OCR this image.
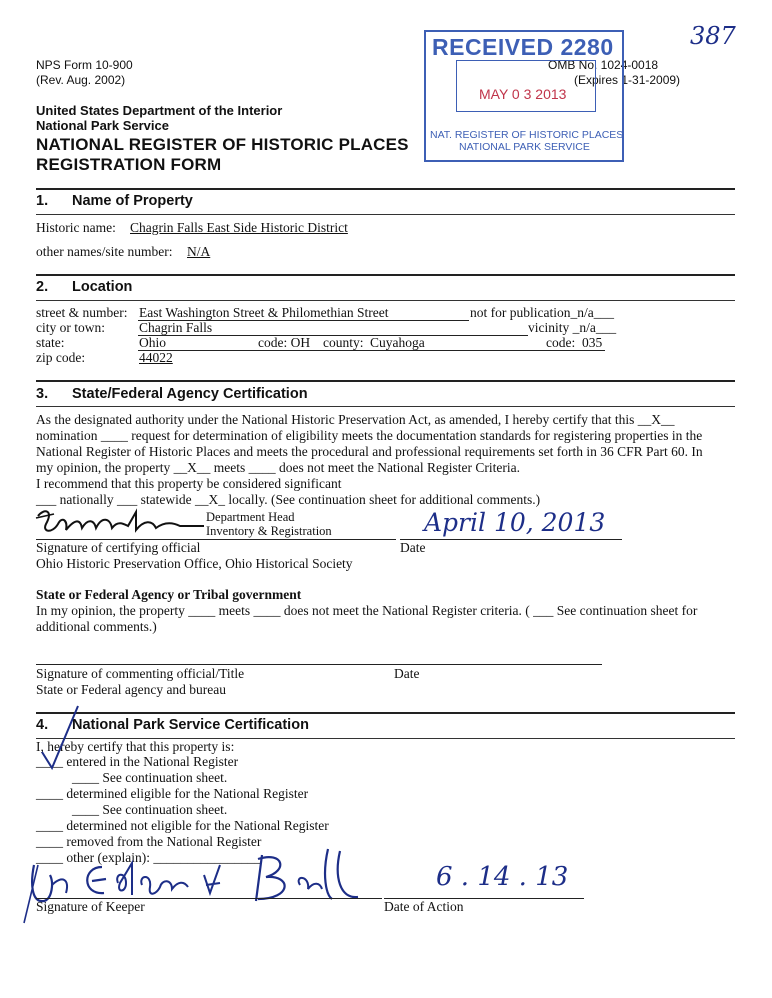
NPS Form 10-900
(Rev. Aug. 2002)
United States Department of the Interior
National Park Service
NATIONAL REGISTER OF HISTORIC PLACES
REGISTRATION FORM
OMB No. 1024-0018
(Expires 1-31-2009)
387
RECEIVED 2280
MAY 0 3 2013
NAT. REGISTER OF HISTORIC PLACES
NATIONAL PARK SERVICE
1. Name of Property
Historic name: Chagrin Falls East Side Historic District
other names/site number: N/A
2. Location
street & number: East Washington Street & Philomethian Street	not for publication_n/a___
city or town:	Chagrin Falls	vicinity _n/a___
state:	Ohio	code: OH county: Cuyahoga	code: 035
zip code:	44022
3. State/Federal Agency Certification
As the designated authority under the National Historic Preservation Act, as amended, I hereby certify that this __X__
nomination ____ request for determination of eligibility meets the documentation standards for registering properties in the
National Register of Historic Places and meets the procedural and professional requirements set forth in 36 CFR Part 60. In
my opinion, the property __X__ meets ____ does not meet the National Register Criteria.
I recommend that this property be considered significant
___ nationally ___ statewide __X_ locally. (See continuation sheet for additional comments.)
Department Head
Inventory & Registration	April 10, 2013
Signature of certifying official	Date
Ohio Historic Preservation Office, Ohio Historical Society
State or Federal Agency or Tribal government
In my opinion, the property ____ meets ____ does not meet the National Register criteria. ( ___ See continuation sheet for
additional comments.)
Signature of commenting official/Title	Date
State or Federal agency and bureau
4. National Park Service Certification
I, hereby certify that this property is:
____ entered in the National Register
____ See continuation sheet.
____ determined eligible for the National Register
____ See continuation sheet.
____ determined not eligible for the National Register
____ removed from the National Register
____ other (explain): ________________
6 . 14 . 13
Signature of Keeper	Date of Action
